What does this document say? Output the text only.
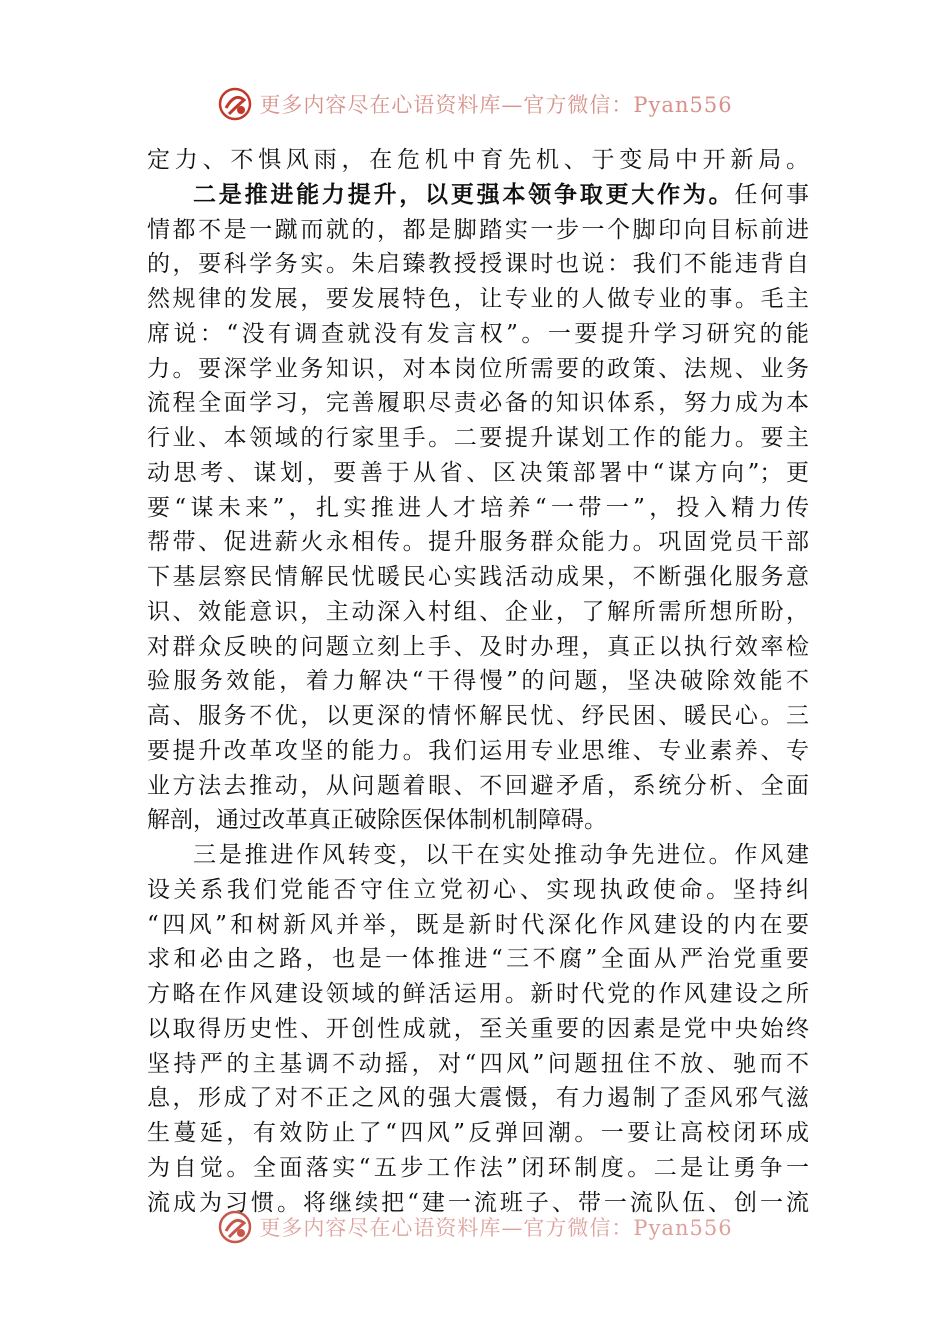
更多内容尽在心语资料库—官方微信：Pyan556
定力、不惧风雨，在危机中育先机、于变局中开新局。
二是推进能力提升，以更强本领争取更大作为。任何事
情都不是一蹴而就的，都是脚踏实一步一个脚印向目标前进
的，要科学务实。朱启臻教授授课时也说：我们不能违背自
然规律的发展，要发展特色，让专业的人做专业的事。毛主
席说：“没有调查就没有发言权”。一要提升学习研究的能
力。要深学业务知识，对本岗位所需要的政策、法规、业务
流程全面学习，完善履职尽责必备的知识体系，努力成为本
行业、本领域的行家里手。二要提升谋划工作的能力。要主
动思考、谋划，要善于从省、区决策部署中“谋方向”；更
要“谋未来”，扎实推进人才培养“一带一”，投入精力传
帮带、促进薪火永相传。提升服务群众能力。巩固党员干部
下基层察民情解民忧暖民心实践活动成果，不断强化服务意
识、效能意识，主动深入村组、企业，了解所需所想所盼，
对群众反映的问题立刻上手、及时办理，真正以执行效率检
验服务效能，着力解决“干得慢”的问题，坚决破除效能不
高、服务不优，以更深的情怀解民忧、纾民困、暖民心。三
要提升改革攻坚的能力。我们运用专业思维、专业素养、专
业方法去推动，从问题着眼、不回避矛盾，系统分析、全面
解剖，通过改革真正破除医保体制机制障碍。
三是推进作风转变，以干在实处推动争先进位。作风建
设关系我们党能否守住立党初心、实现执政使命。坚持纠
“四风”和树新风并举，既是新时代深化作风建设的内在要
求和必由之路，也是一体推进“三不腐”全面从严治党重要
方略在作风建设领域的鲜活运用。新时代党的作风建设之所
以取得历史性、开创性成就，至关重要的因素是党中央始终
坚持严的主基调不动摇，对“四风”问题扭住不放、驰而不
息，形成了对不正之风的强大震慑，有力遏制了歪风邪气滋
生蔓延，有效防止了“四风”反弹回潮。一要让高校闭环成
为自觉。全面落实“五步工作法”闭环制度。二是让勇争一
流成为习惯。将继续把“建一流班子、带一流队伍、创一流
更多内容尽在心语资料库—官方微信：Pyan556
